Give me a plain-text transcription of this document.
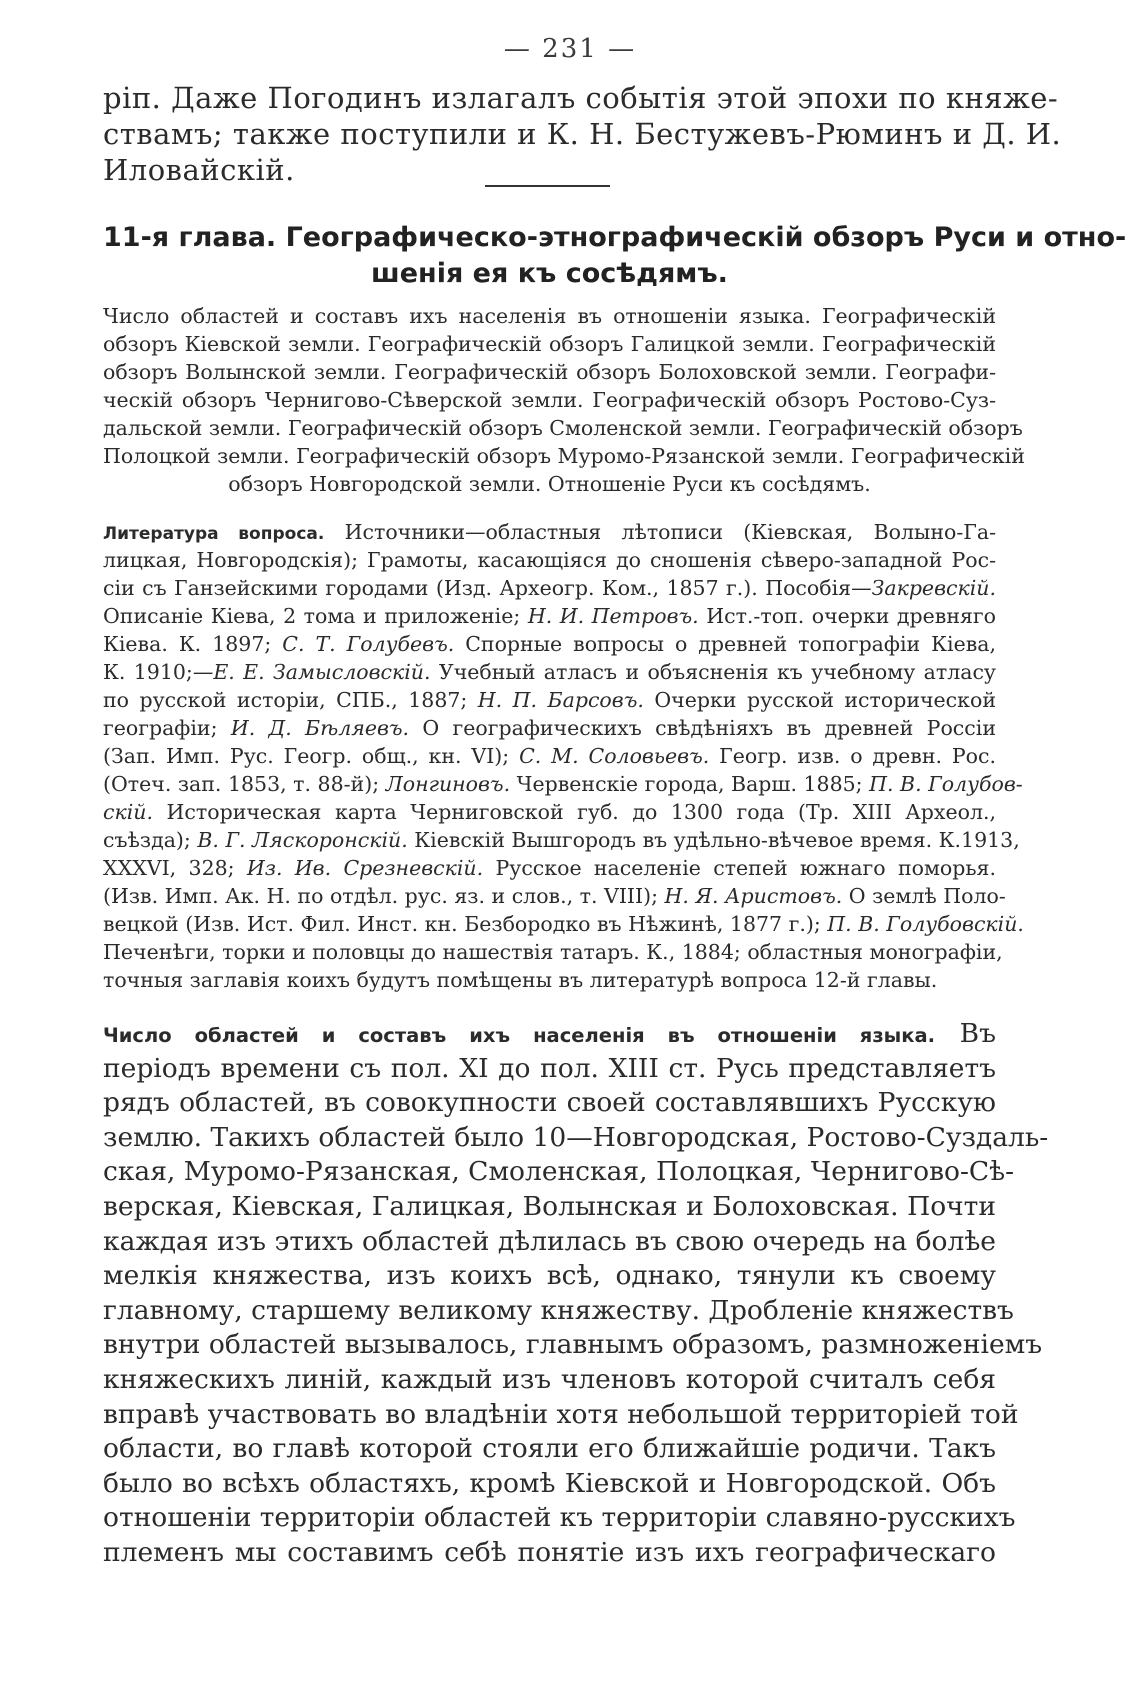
— 231 —
ріп. Даже Погодинъ излагалъ событія этой эпохи по княже-
ствамъ; также поступили и К. Н. Бестужевъ-Рюминъ и Д. И.
Иловайскій.
11-я глава. Географическо-этнографическій обзоръ Руси и отно-
шенія ея къ сосѣдямъ.
Число областей и составъ ихъ населенія въ отношеніи языка. Географическій
обзоръ Кіевской земли. Географическій обзоръ Галицкой земли. Географическій
обзоръ Волынской земли. Географическій обзоръ Болоховской земли. Географи-
ческій обзоръ Черниговo-Сѣверской земли. Географическій обзоръ Ростово-Суз-
дальской земли. Географическій обзоръ Смоленской земли. Географическій обзоръ
Полоцкой земли. Географическій обзоръ Муромо-Рязанской земли. Географическій
обзоръ Новгородской земли. Отношеніе Руси къ сосѣдямъ.
Литература вопроса. Источники—областныя лѣтописи (Кіевская, Волыно-Га-
лицкая, Новгородскія); Грамоты, касающіяся до сношенія сѣверо-западной Рос-
сіи съ Ганзейскими городами (Изд. Археогр. Ком., 1857 г.). Пособія—Закревскій.
Описаніе Кіева, 2 тома и приложеніе; Н. И. Петровъ. Ист.-топ. очерки древняго
Кіева. К. 1897; С. Т. Голубевъ. Спорные вопросы о древней топографіи Кіева,
К. 1910;—Е. Е. Замысловскій. Учебный атласъ и объясненія къ учебному атласу
по русской исторіи, СПБ., 1887; Н. П. Барсовъ. Очерки русской исторической
географіи; И. Д. Бѣляевъ. О географическихъ свѣдѣніяхъ въ древней Россіи
(Зап. Имп. Рус. Геогр. общ., кн. VI); С. М. Соловьевъ. Геогр. изв. о древн. Рос.
(Отеч. зап. 1853, т. 88-й); Лонгиновъ. Червенскіе города, Варш. 1885; П. В. Голубов-
скій. Историческая карта Черниговской губ. до 1300 года (Тр. XIII Археол.,
съѣзда); В. Г. Ляскоронскій. Кіевскій Вышгородъ въ удѣльно-вѣчевое время. К.1913,
XXXVI, 328; Из. Ив. Срезневскій. Русское населеніе степей южнаго поморья.
(Изв. Имп. Ак. Н. по отдѣл. рус. яз. и слов., т. VIII); Н. Я. Аристовъ. О землѣ Поло-
вецкой (Изв. Ист. Фил. Инст. кн. Безбородко въ Нѣжинѣ, 1877 г.); П. В. Голубовскій.
Печенѣги, торки и половцы до нашествія татаръ. К., 1884; областныя монографіи,
точныя заглавія коихъ будутъ помѣщены въ литературѣ вопроса 12-й главы.
Число областей и составъ ихъ населенія въ отношеніи языка. Въ
періодъ времени съ пол. XI до пол. XIII ст. Русь представляетъ
рядъ областей, въ совокупности своей составлявшихъ Русскую
землю. Такихъ областей было 10—Новгородская, Ростово-Суздаль-
ская, Муромо-Рязанская, Смоленская, Полоцкая, Чернигово-Сѣ-
верская, Кіевская, Галицкая, Волынская и Болоховская. Почти
каждая изъ этихъ областей дѣлилась въ свою очередь на болѣе
мелкія княжества, изъ коихъ всѣ, однако, тянули къ своему
главному, старшему великому княжеству. Дробленіе княжествъ
внутри областей вызывалось, главнымъ образомъ, размноженіемъ
княжескихъ линій, каждый изъ членовъ которой считалъ себя
вправѣ участвовать во владѣніи хотя небольшой территоріей той
области, во главѣ которой стояли его ближайшіе родичи. Такъ
было во всѣхъ областяхъ, кромѣ Кіевской и Новгородской. Объ
отношеніи территоріи областей къ территоріи славяно-русскихъ
племенъ мы составимъ себѣ понятіе изъ ихъ географическаго
